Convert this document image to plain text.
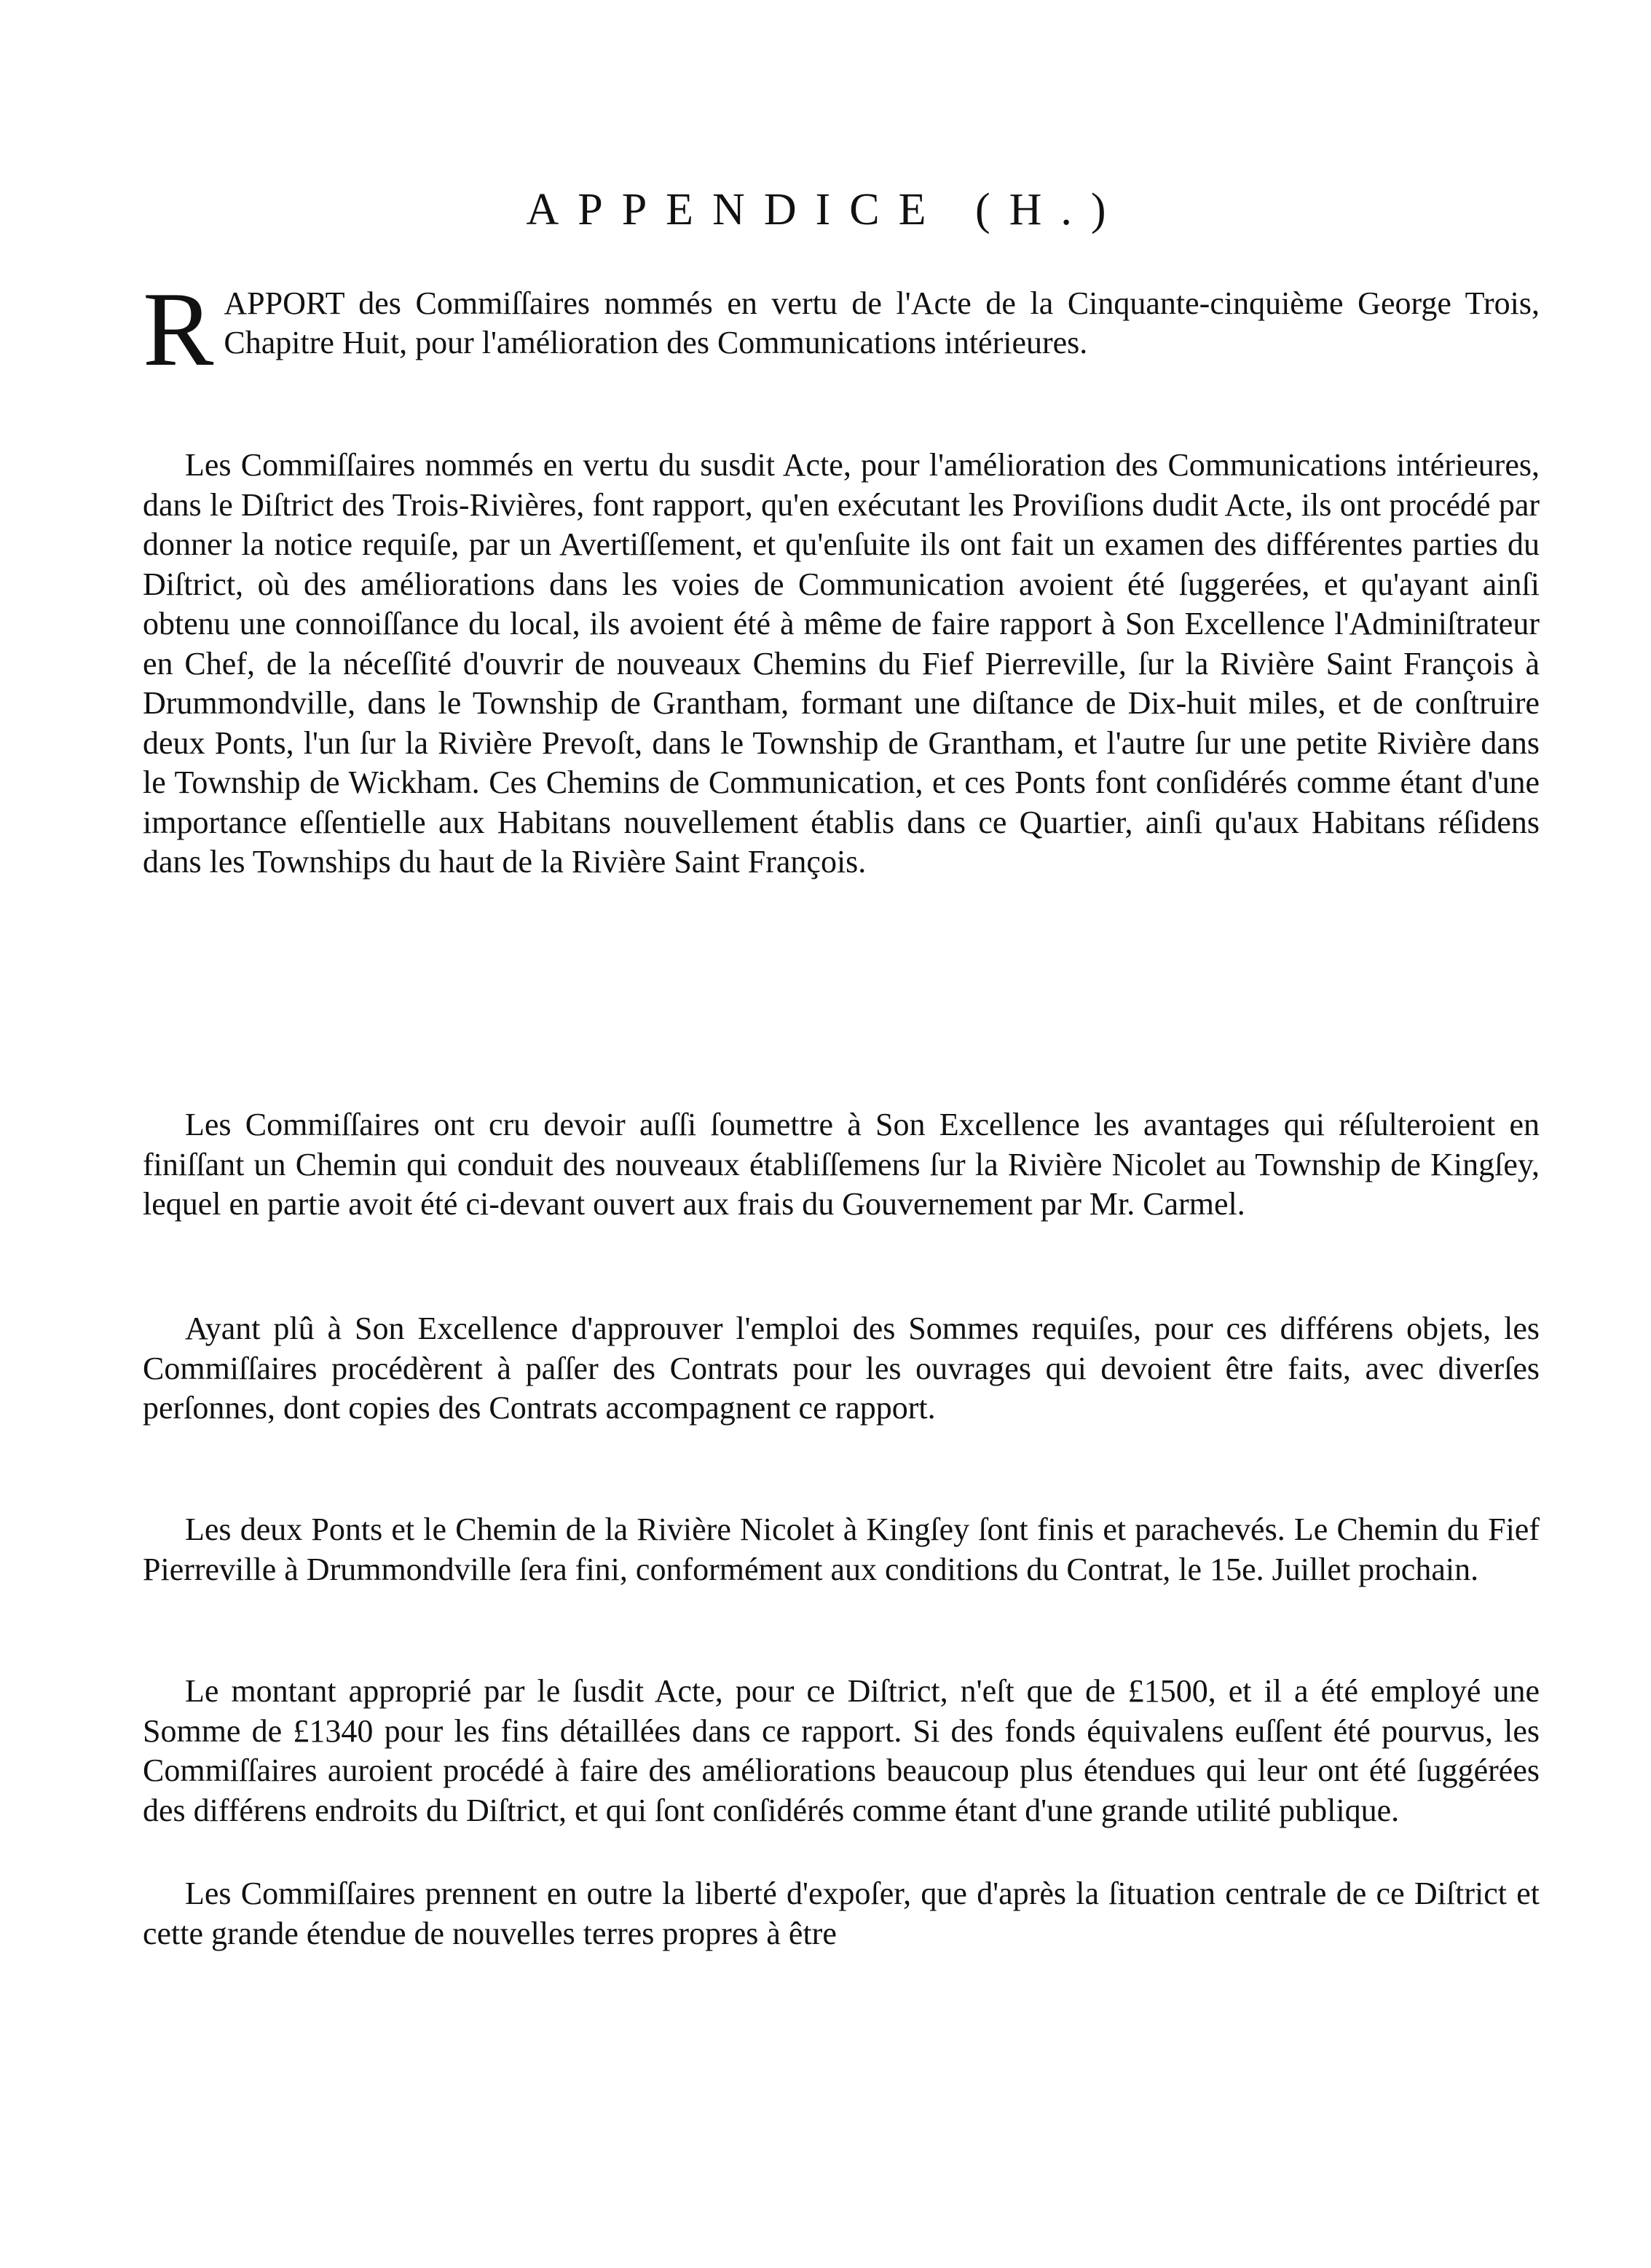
APPENDICE (H.)
RAPPORT des Commiſſaires nommés en vertu de l'Acte de la Cinquante-cinquième George Trois, Chapitre Huit, pour l'amélioration des Communications intérieures.

Les Commiſſaires nommés en vertu du susdit Acte, pour l'amélioration des Communications intérieures, dans le Diſtrict des Trois-Rivières, font rapport, qu'en exécutant les Proviſions dudit Acte, ils ont procédé par donner la notice requiſe, par un Avertiſſement, et qu'enſuite ils ont fait un examen des différentes parties du Diſtrict, où des améliorations dans les voies de Communication avoient été ſuggerées, et qu'ayant ainſi obtenu une connoiſſance du local, ils avoient été à même de faire rapport à Son Excellence l'Adminiſtrateur en Chef, de la néceſſité d'ouvrir de nouveaux Chemins du Fief Pierreville, ſur la Rivière Saint François à Drummondville, dans le Township de Grantham, formant une diſtance de Dix-huit miles, et de conſtruire deux Ponts, l'un ſur la Rivière Prevoſt, dans le Township de Grantham, et l'autre ſur une petite Rivière dans le Township de Wickham. Ces Chemins de Communication, et ces Ponts font conſidérés comme étant d'une importance eſſentielle aux Habitans nouvellement établis dans ce Quartier, ainſi qu'aux Habitans réſidens dans les Townships du haut de la Rivière Saint François.

Les Commiſſaires ont cru devoir auſſi ſoumettre à Son Excellence les avantages qui réſulteroient en finiſſant un Chemin qui conduit des nouveaux établiſſemens ſur la Rivière Nicolet au Township de Kingſey, lequel en partie avoit été ci-devant ouvert aux frais du Gouvernement par Mr. Carmel.

Ayant plû à Son Excellence d'approuver l'emploi des Sommes requiſes, pour ces différens objets, les Commiſſaires procédèrent à paſſer des Contrats pour les ouvrages qui devoient être faits, avec diverſes perſonnes, dont copies des Contrats accompagnent ce rapport.

Les deux Ponts et le Chemin de la Rivière Nicolet à Kingſey ſont finis et parachevés. Le Chemin du Fief Pierreville à Drummondville ſera fini, conformément aux conditions du Contrat, le 15e. Juillet prochain.

Le montant approprié par le ſusdit Acte, pour ce Diſtrict, n'eſt que de £1500, et il a été employé une Somme de £1340 pour les fins détaillées dans ce rapport. Si des fonds équivalens euſſent été pourvus, les Commiſſaires auroient procédé à faire des améliorations beaucoup plus étendues qui leur ont été ſuggérées des différens endroits du Diſtrict, et qui ſont conſidérés comme étant d'une grande utilité publique.

Les Commiſſaires prennent en outre la liberté d'expoſer, que d'après la ſituation centrale de ce Diſtrict et cette grande étendue de nouvelles terres propres à être
